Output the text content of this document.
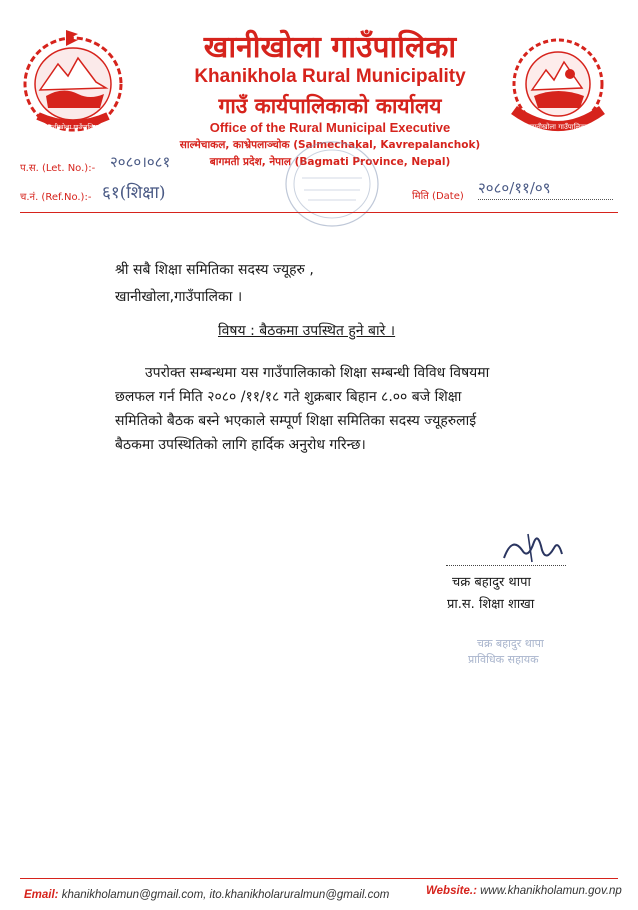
खानीखोला गाउँपालिका	खानीखोला गाउँपालिका
खानीखोला गाउँपालिका
Khanikhola Rural Municipality
गाउँ कार्यपालिकाको कार्यालय
Office of the Rural Municipal Executive
साल्मेचाकल, काभ्रेपलाञ्चोक (Salmechakal, Kavrepalanchok)
बागमती प्रदेश, नेपाल (Bagmati Province, Nepal)
प.स. (Let. No.):- २०८०।०८१
च.नं. (Ref.No.):- ६१(शिक्षा)	मिति (Date) २०८०/११/०९
श्री सबै शिक्षा समितिका सदस्य ज्यूहरु ,
खानीखोला,गाउँपालिका ।
विषय : बैठकमा उपस्थित हुने बारे ।
उपरोक्त सम्बन्धमा यस गाउँपालिकाको शिक्षा सम्बन्धी विविध विषयमा
छलफल गर्न मिति २०८० /११/१८ गते शुक्रबार बिहान ८.०० बजे शिक्षा
समितिको बैठक बस्ने भएकाले सम्पूर्ण शिक्षा समितिका सदस्य ज्यूहरुलाई
बैठकमा उपस्थितिको लागि हार्दिक अनुरोध गरिन्छ।
चक्र बहादुर थापा
प्रा.स. शिक्षा शाखा
चक्र बहादुर थापा
प्राविधिक सहायक
Email: khanikholamun@gmail.com, ito.khanikholaruralmun@gmail.com	Website.: www.khanikholamun.gov.np
